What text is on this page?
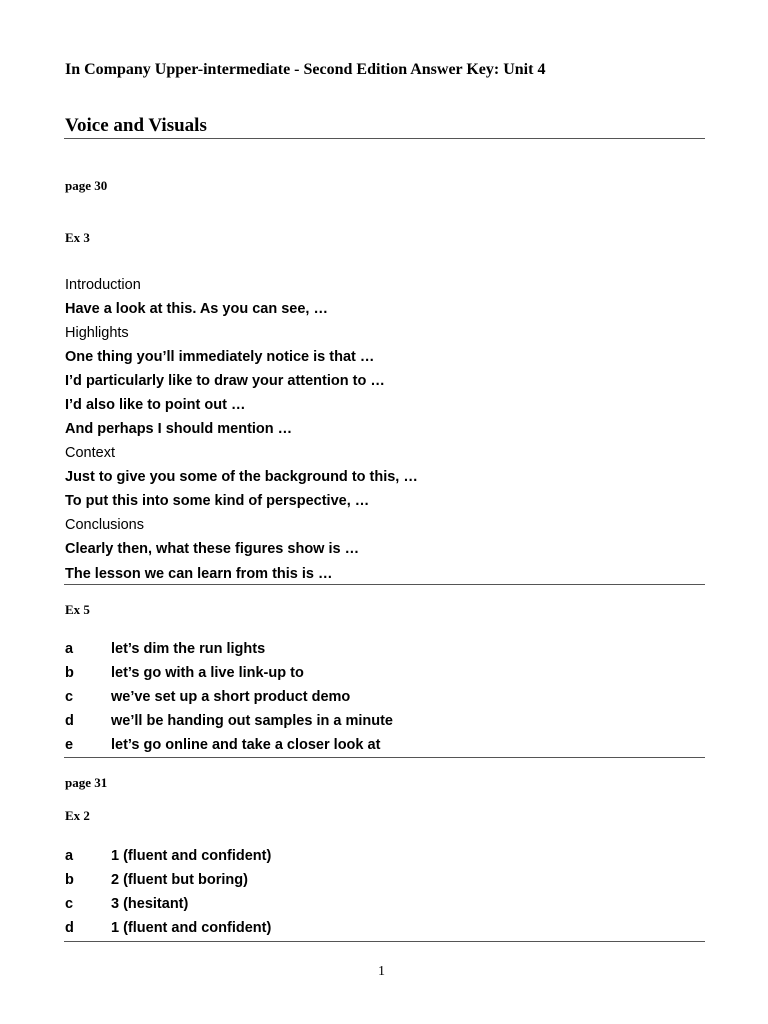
In Company Upper-intermediate - Second Edition Answer Key: Unit 4
Voice and Visuals
page 30
Ex 3
Introduction
Have a look at this. As you can see, …
Highlights
One thing you’ll immediately notice is that …
I’d particularly like to draw your attention to …
I’d also like to point out …
And perhaps I should mention …
Context
Just to give you some of the background to this, …
To put this into some kind of perspective, …
Conclusions
Clearly then, what these figures show is …
The lesson we can learn from this is …
Ex 5
a	let’s dim the run lights
b	let’s go with a live link-up to
c	we’ve set up a short product demo
d	we’ll be handing out samples in a minute
e	let’s go online and take a closer look at
page 31
Ex 2
a	1 (fluent and confident)
b	2 (fluent but boring)
c	3 (hesitant)
d	1 (fluent and confident)
1
